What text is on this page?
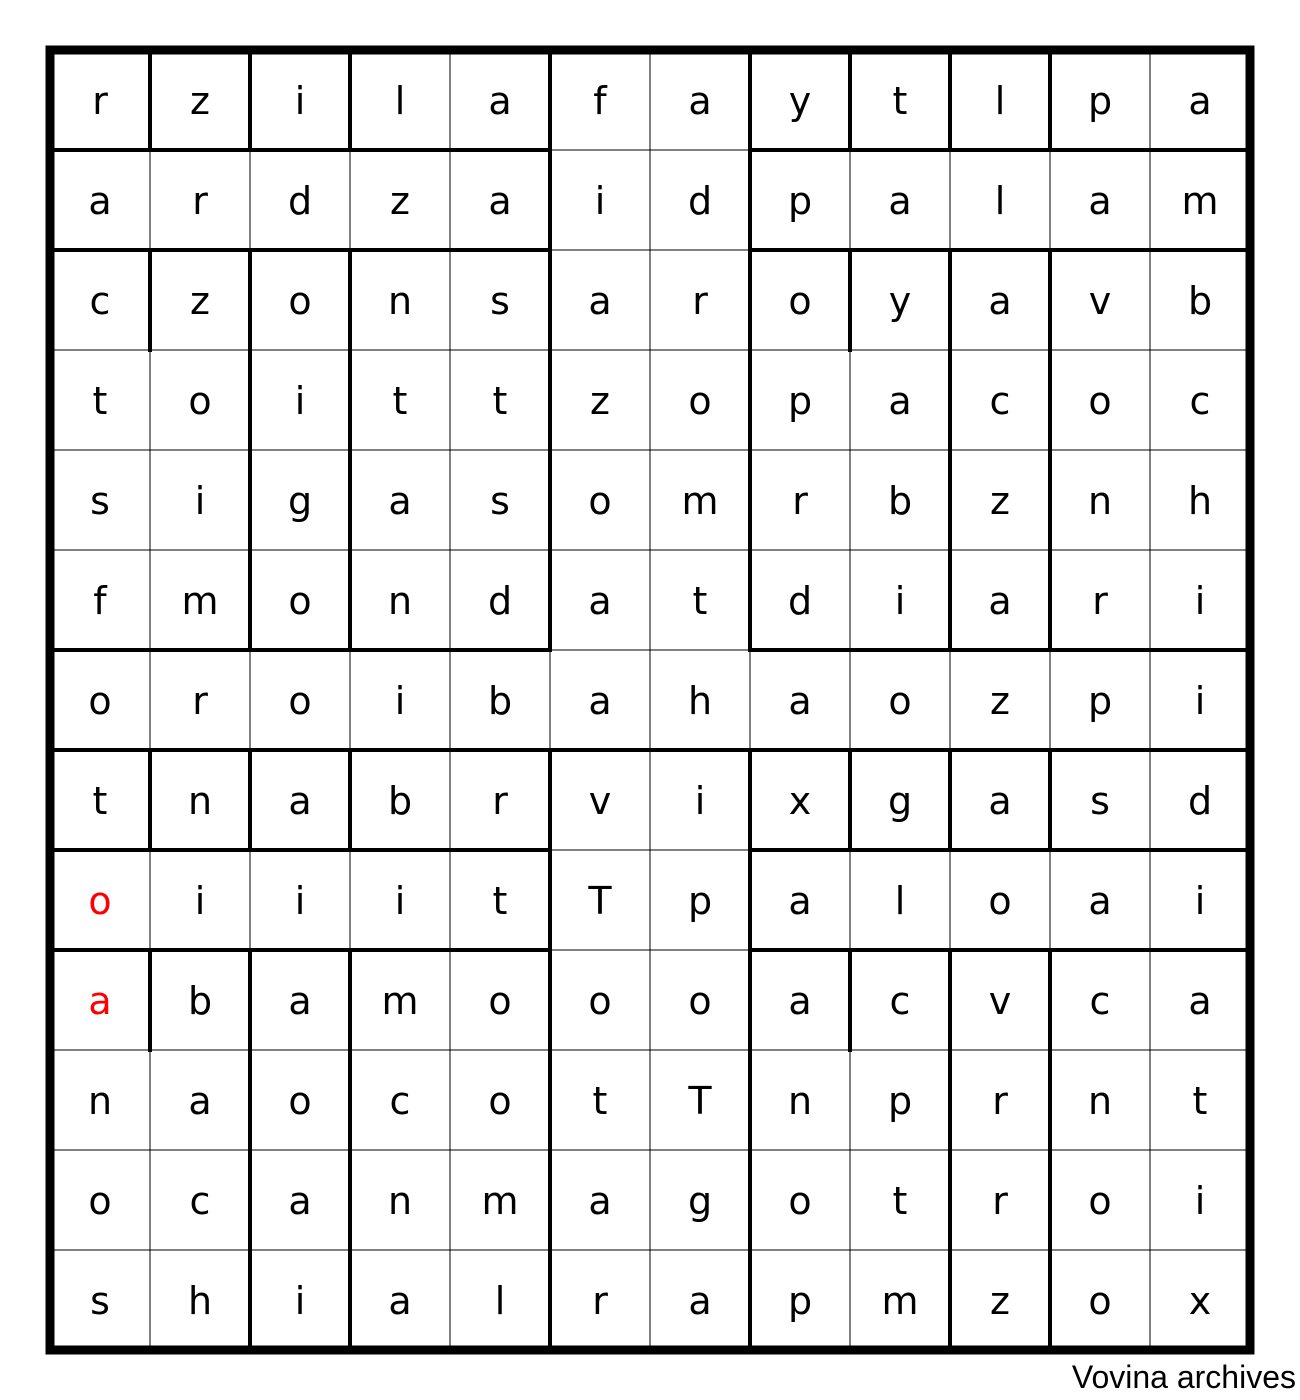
r z i l a f a y t l p a
a r d z a i d p a l a m
c z o n s a r o y a v b
t o i t t z o p a c o c
s i g a s o m r b z n h
f m o n d a t d i a r i
o r o i b a h a o z p i
t n a b r v i x g a s d
o i i i t T p a l o a i
a b a m o o o a c v c a
n a o c o t T n p r n t
o c a n m a g o t r o i
s h i a l r a p m z o x
Vovina archives
